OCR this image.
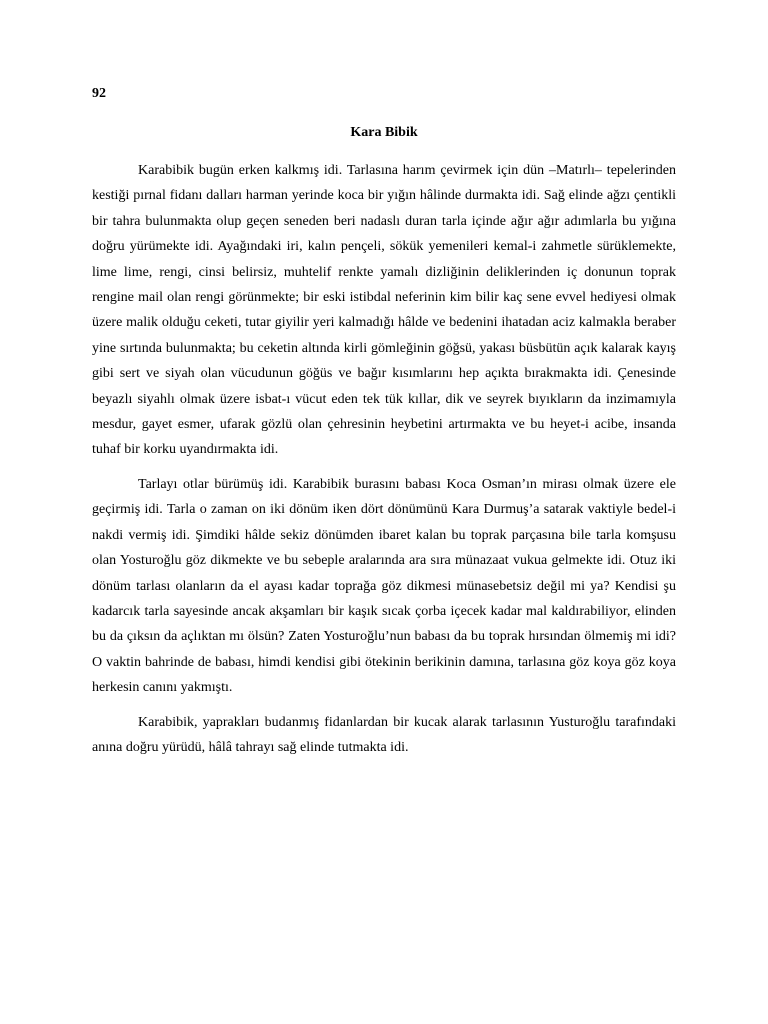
92

Kara Bibik

Karabibik bugün erken kalkmış idi. Tarlasına harım çevirmek için dün –Matırlı– tepelerinden kestiği pırnal fidanı dalları harman yerinde koca bir yığın hâlinde durmakta idi. Sağ elinde ağzı çentikli bir tahra bulunmakta olup geçen seneden beri nadaslı duran tarla içinde ağır ağır adımlarla bu yığına doğru yürümekte idi. Ayağındaki iri, kalın pençeli, sökük yemenileri kemal-i zahmetle sürüklemekte, lime lime, rengi, cinsi belirsiz, muhtelif renkte yamalı dizliğinin deliklerinden iç donunun toprak rengine mail olan rengi görünmekte; bir eski istibdal neferinin kim bilir kaç sene evvel hediyesi olmak üzere malik olduğu ceketi, tutar giyilir yeri kalmadığı hâlde ve bedenini ihatadan aciz kalmakla beraber yine sırtında bulunmakta; bu ceketin altında kirli gömleğinin göğsü, yakası büsbütün açık kalarak kayış gibi sert ve siyah olan vücudunun göğüs ve bağır kısımlarını hep açıkta bırakmakta idi. Çenesinde beyazlı siyahlı olmak üzere isbat-ı vücut eden tek tük kıllar, dik ve seyrek bıyıkların da inzimamıyla mesdur, gayet esmer, ufarak gözlü olan çehresinin heybetini artırmakta ve bu heyet-i acibe, insanda tuhaf bir korku uyandırmakta idi.

Tarlayı otlar bürümüş idi. Karabibik burasını babası Koca Osman’ın mirası olmak üzere ele geçirmiş idi. Tarla o zaman on iki dönüm iken dört dönümünü Kara Durmuş’a satarak vaktiyle bedel-i nakdi vermiş idi. Şimdiki hâlde sekiz dönümden ibaret kalan bu toprak parçasına bile tarla komşusu olan Yosturoğlu göz dikmekte ve bu sebeple aralarında ara sıra münazaat vukua gelmekte idi. Otuz iki dönüm tarlası olanların da el ayası kadar toprağa göz dikmesi münasebetsiz değil mi ya? Kendisi şu kadarcık tarla sayesinde ancak akşamları bir kaşık sıcak çorba içecek kadar mal kaldırabiliyor, elinden bu da çıksın da açlıktan mı ölsün? Zaten Yosturoğlu’nun babası da bu toprak hırsından ölmemiş mi idi? O vaktin bahrinde de babası, himdi kendisi gibi ötekinin berikinin damına, tarlasına göz koya göz koya herkesin canını yakmıştı.

Karabibik, yaprakları budanmış fidanlardan bir kucak alarak tarlasının Yusturoğlu tarafındaki anına doğru yürüdü, hâlâ tahrayı sağ elinde tutmakta idi.
